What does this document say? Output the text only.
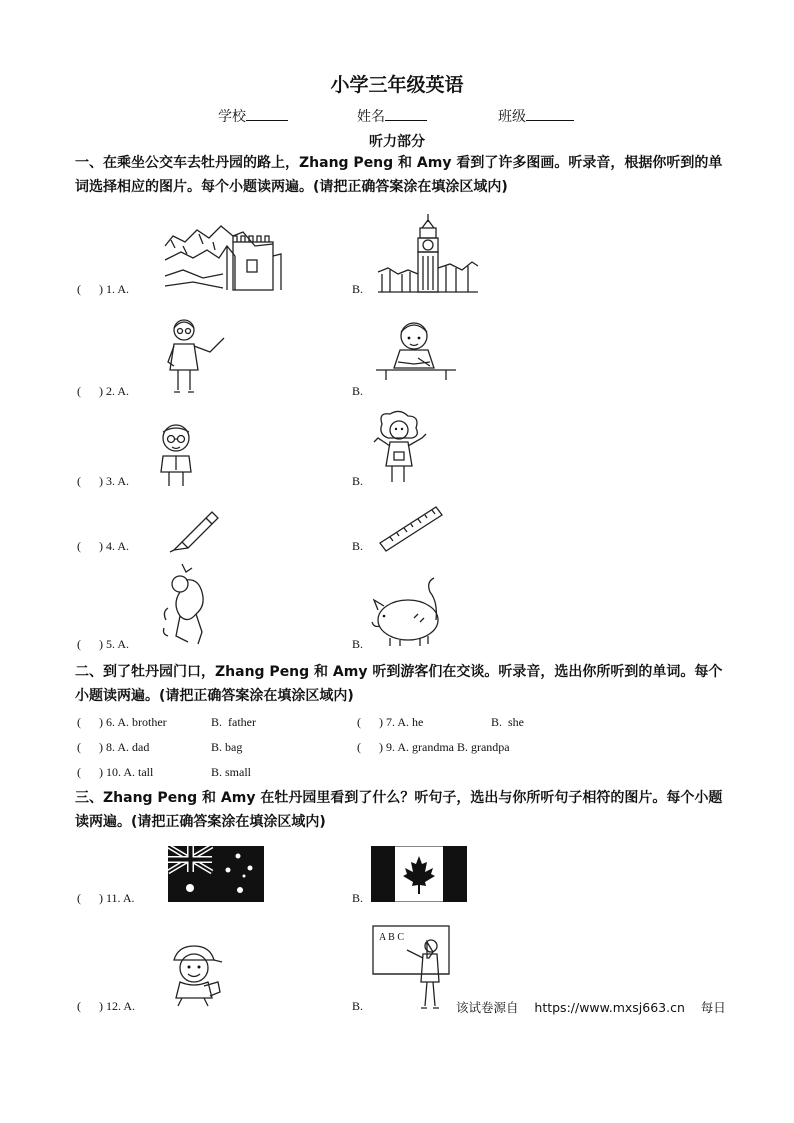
小学三年级英语
学校	姓名	班级
听力部分
一、在乘坐公交车去牡丹园的路上，Zhang Peng 和 Amy 看到了许多图画。听录音，根据你听到的单词选择相应的图片。每个小题读两遍。(请把正确答案涂在填涂区域内)
(      ) 1. A.	B.
(      ) 2. A.	B.
(      ) 3. A.	B.
(      ) 4. A.	B.
(      ) 5. A.	B.
二、到了牡丹园门口，Zhang Peng 和 Amy 听到游客们在交谈。听录音，选出你所听到的单词。每个小题读两遍。(请把正确答案涂在填涂区域内)
(      ) 6. A. brother	B.  father	(      ) 7. A. he	B.  she
(      ) 8. A. dad	B. bag	(      ) 9. A. grandma B. grandpa
(      ) 10. A. tall	B. small
三、Zhang Peng 和 Amy 在牡丹园里看到了什么？听句子，选出与你所听句子相符的图片。每个小题读两遍。(请把正确答案涂在填涂区域内)
(      ) 11. A.	B.
(      ) 12. A.	B.
A B C
该试卷源自    https://www.mxsj663.cn    每日
